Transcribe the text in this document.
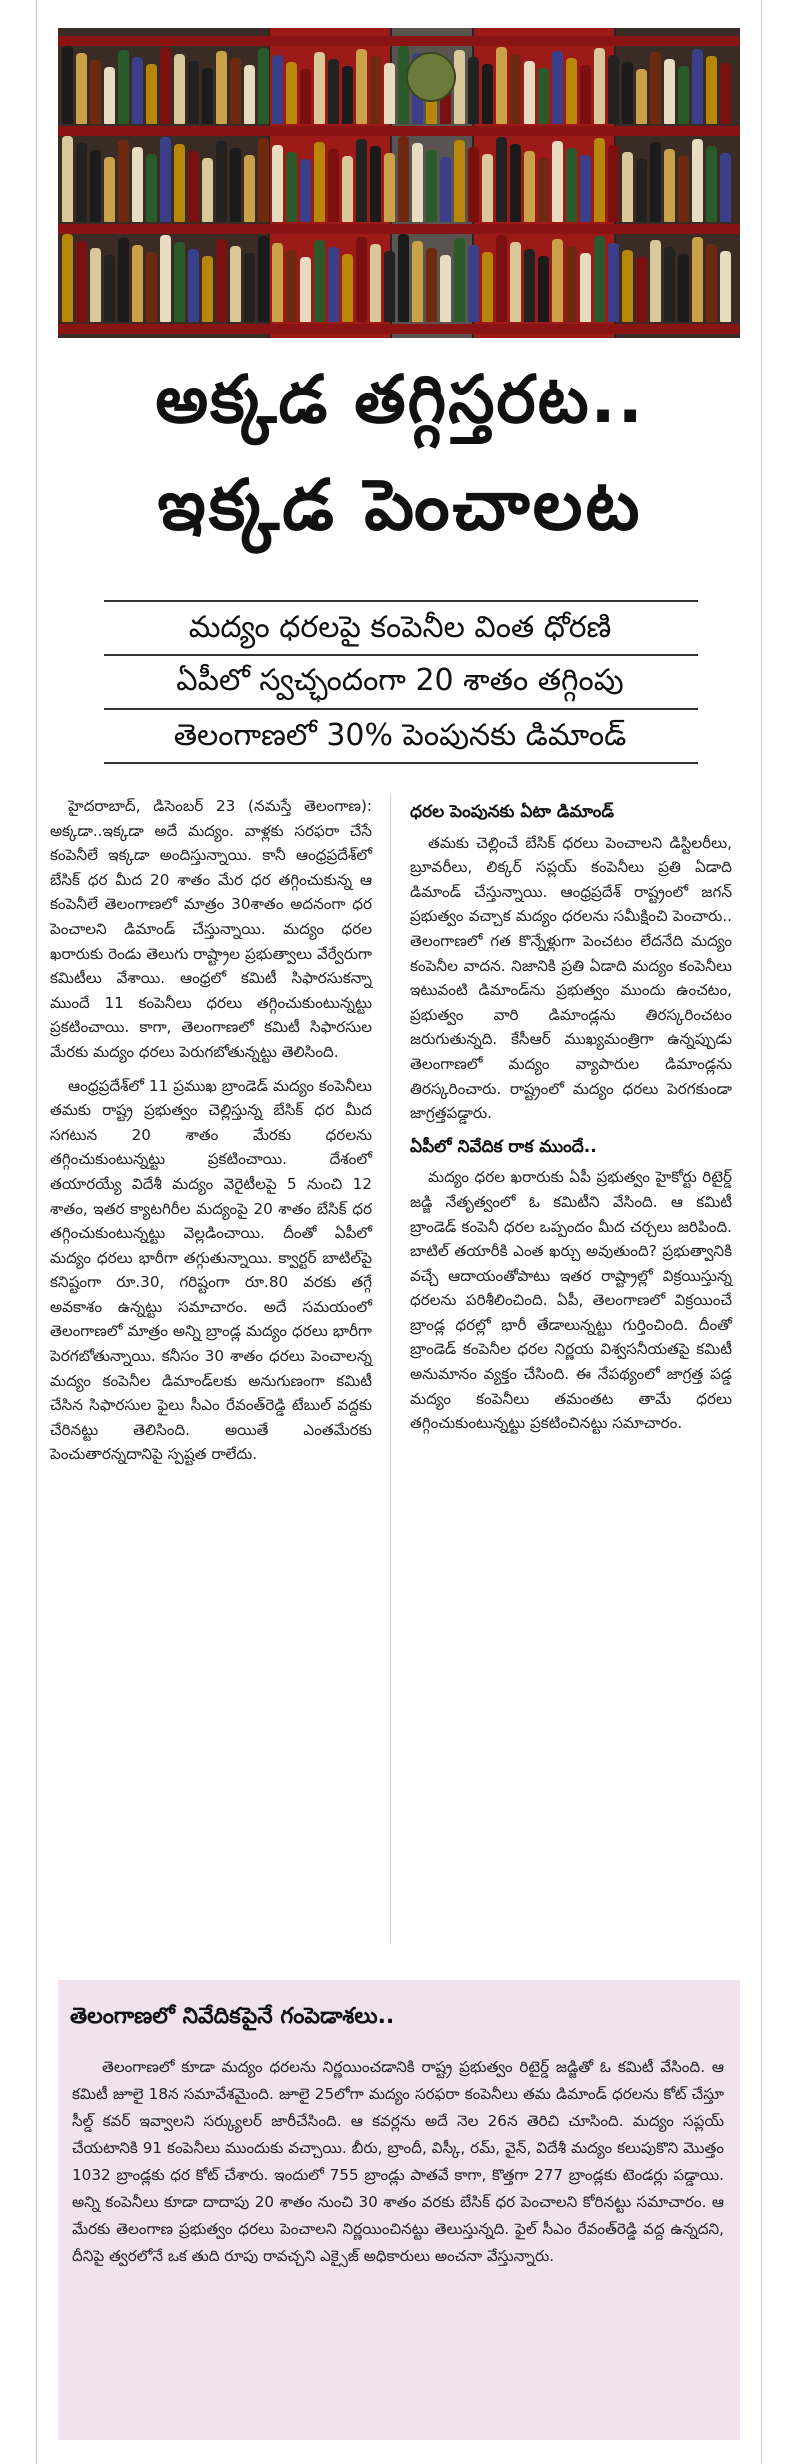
అక్కడ తగ్గిస్తరట..
ఇక్కడ పెంచాలట
మద్యం ధరలపై కంపెనీల వింత ధోరణి
ఏపీలో స్వచ్ఛందంగా 20 శాతం తగ్గింపు
తెలంగాణలో 30% పెంపునకు డిమాండ్

హైదరాబాద్, డిసెంబర్ 23 (నమస్తే తెలంగాణ): అక్కడా..ఇక్కడా అదే మద్యం. వాళ్లకు సరఫరా చేసే కంపెనీలే ఇక్కడా అందిస్తున్నాయి. కానీ ఆంధ్రప్రదేశ్‌లో బేసిక్ ధర మీద 20 శాతం మేర ధర తగ్గించుకున్న ఆ కంపెనీలే తెలంగాణలో మాత్రం 30శాతం అదనంగా ధర పెంచాలని డిమాండ్ చేస్తున్నాయి. మద్యం ధరల ఖరారుకు రెండు తెలుగు రాష్ట్రాల ప్రభుత్వాలు వేర్వేరుగా కమిటీలు వేశాయి. ఆంధ్రలో కమిటీ సిఫారసుకన్నా ముందే 11 కంపెనీలు ధరలు తగ్గించుకుంటున్నట్టు ప్రకటించాయి. కాగా, తెలంగాణలో కమిటీ సిఫారసుల మేరకు మద్యం ధరలు పెరుగబోతున్నట్టు తెలిసింది.

ఆంధ్రప్రదేశ్‌లో 11 ప్రముఖ బ్రాండెడ్ మద్యం కంపెనీలు తమకు రాష్ట్ర ప్రభుత్వం చెల్లిస్తున్న బేసిక్ ధర మీద సగటున 20 శాతం మేరకు ధరలను తగ్గించుకుంటున్నట్టు ప్రకటించాయి. దేశంలో తయారయ్యే విదేశీ మద్యం వెరైటీలపై 5 నుంచి 12 శాతం, ఇతర క్యాటగిరీల మద్యంపై 20 శాతం బేసిక్ ధర తగ్గించుకుంటున్నట్టు వెల్లడించాయి. దీంతో ఏపీలో మద్యం ధరలు భారీగా తగ్గుతున్నాయి. క్వార్టర్ బాటిల్‌పై కనిష్టంగా రూ.30, గరిష్టంగా రూ.80 వరకు తగ్గే అవకాశం ఉన్నట్టు సమాచారం. అదే సమయంలో తెలంగాణలో మాత్రం అన్ని బ్రాండ్ల మద్యం ధరలు భారీగా పెరగబోతున్నాయి. కనీసం 30 శాతం ధరలు పెంచాలన్న మద్యం కంపెనీల డిమాండ్‌లకు అనుగుణంగా కమిటీ చేసిన సిఫారసుల ఫైలు సీఎం రేవంత్‌రెడ్డి టేబుల్ వద్దకు చేరినట్టు తెలిసింది. అయితే ఎంతమేరకు పెంచుతారన్నదానిపై స్పష్టత రాలేదు.

ధరల పెంపునకు ఏటా డిమాండ్

తమకు చెల్లించే బేసిక్ ధరలు పెంచాలని డిస్టిలరీలు, బ్రూవరీలు, లిక్కర్ సప్లయ్ కంపెనీలు ప్రతి ఏడాది డిమాండ్ చేస్తున్నాయి. ఆంధ్రప్రదేశ్ రాష్ట్రంలో జగన్ ప్రభుత్వం వచ్చాక మద్యం ధరలను సమీక్షించి పెంచారు.. తెలంగాణలో గత కొన్నేళ్లుగా పెంచటం లేదనేది మద్యం కంపెనీల వాదన. నిజానికి ప్రతి ఏడాది మద్యం కంపెనీలు ఇటువంటి డిమాండ్‌ను ప్రభుత్వం ముందు ఉంచటం, ప్రభుత్వం వారి డిమాండ్లను తిరస్కరించటం జరుగుతున్నది. కేసీఆర్ ముఖ్యమంత్రిగా ఉన్నప్పుడు తెలంగాణలో మద్యం వ్యాపారుల డిమాండ్లను తిరస్కరించారు. రాష్ట్రంలో మద్యం ధరలు పెరగకుండా జాగ్రత్తపడ్డారు.

ఏపీలో నివేదిక రాక ముందే..

మద్యం ధరల ఖరారుకు ఏపీ ప్రభుత్వం హైకోర్టు రిటైర్డ్ జడ్జి నేతృత్వంలో ఓ కమిటీని వేసింది. ఆ కమిటీ బ్రాండెడ్ కంపెనీ ధరల ఒప్పందం మీద చర్చలు జరిపింది. బాటిల్ తయారీకి ఎంత ఖర్చు అవుతుంది? ప్రభుత్వానికి వచ్చే ఆదాయంతోపాటు ఇతర రాష్ట్రాల్లో విక్రయిస్తున్న ధరలను పరిశీలించింది. ఏపీ, తెలంగాణలో విక్రయించే బ్రాండ్ల ధరల్లో భారీ తేడాలున్నట్టు గుర్తించింది. దీంతో బ్రాండెడ్ కంపెనీల ధరల నిర్ణయ విశ్వసనీయతపై కమిటీ అనుమానం వ్యక్తం చేసింది. ఈ నేపథ్యంలో జాగ్రత్త పడ్డ మద్యం కంపెనీలు తమంతట తామే ధరలు తగ్గించుకుంటున్నట్టు ప్రకటించినట్టు సమాచారం.

తెలంగాణలో నివేదికపైనే గంపెడాశలు..

తెలంగాణలో కూడా మద్యం ధరలను నిర్ణయించడానికి రాష్ట్ర ప్రభుత్వం రిటైర్డ్ జడ్జితో ఓ కమిటీ వేసింది. ఆ కమిటీ జూలై 18న సమావేశమైంది. జూలై 25లోగా మద్యం సరఫరా కంపెనీలు తమ డిమాండ్ ధరలను కోట్ చేస్తూ సీల్డ్ కవర్ ఇవ్వాలని సర్క్యులర్ జారీచేసింది. ఆ కవర్లను అదే నెల 26న తెరిచి చూసింది. మద్యం సప్లయ్ చేయటానికి 91 కంపెనీలు ముందుకు వచ్చాయి. బీరు, బ్రాందీ, విస్కీ, రమ్, వైన్, విదేశీ మద్యం కలుపుకొని మొత్తం 1032 బ్రాండ్లకు ధర కోట్ చేశారు. ఇందులో 755 బ్రాండ్లు పాతవే కాగా, కొత్తగా 277 బ్రాండ్లకు టెండర్లు పడ్డాయి. అన్ని కంపెనీలు కూడా దాదాపు 20 శాతం నుంచి 30 శాతం వరకు బేసిక్ ధర పెంచాలని కోరినట్టు సమాచారం. ఆ మేరకు తెలంగాణ ప్రభుత్వం ధరలు పెంచాలని నిర్ణయించినట్టు తెలుస్తున్నది. ఫైల్ సీఎం రేవంత్‌రెడ్డి వద్ద ఉన్నదని, దీనిపై త్వరలోనే ఒక తుది రూపు రావచ్చని ఎక్సైజ్ అధికారులు అంచనా వేస్తున్నారు.
